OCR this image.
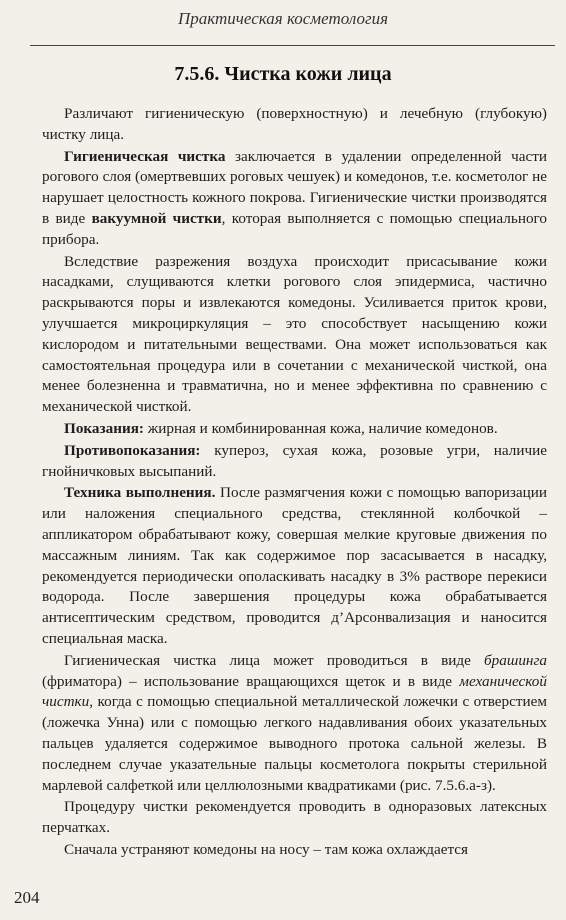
Практическая косметология
7.5.6. Чистка кожи лица

Различают гигиеническую (поверхностную) и лечебную (глубокую) чистку лица.

Гигиеническая чистка заключается в удалении определенной части рогового слоя (омертвевших роговых чешуек) и комедонов, т.е. косметолог не нарушает целостность кожного покрова. Гигиенические чистки производятся в виде вакуумной чистки, которая выполняется с помощью специального прибора.

Вследствие разрежения воздуха происходит присасывание кожи насадками, слущиваются клетки рогового слоя эпидермиса, частично раскрываются поры и извлекаются комедоны. Усиливается приток крови, улучшается микроциркуляция – это способствует насыщению кожи кислородом и питательными веществами. Она может использоваться как самостоятельная процедура или в сочетании с механической чисткой, она менее болезненна и травматична, но и менее эффективна по сравнению с механической чисткой.

Показания: жирная и комбинированная кожа, наличие комедонов.

Противопоказания: купероз, сухая кожа, розовые угри, наличие гнойничковых высыпаний.

Техника выполнения. После размягчения кожи с помощью вапоризации или наложения специального средства, стеклянной колбочкой – аппликатором обрабатывают кожу, совершая мелкие круговые движения по массажным линиям. Так как содержимое пор засасывается в насадку, рекомендуется периодически ополаскивать насадку в 3% растворе перекиси водорода. После завершения процедуры кожа обрабатывается антисептическим средством, проводится д’Арсонвализация и наносится специальная маска.

Гигиеническая чистка лица может проводиться в виде брашинга (фриматора) – использование вращающихся щеток и в виде механической чистки, когда с помощью специальной металлической ложечки с отверстием (ложечка Унна) или с помощью легкого надавливания обоих указательных пальцев удаляется содержимое выводного протока сальной железы. В последнем случае указательные пальцы косметолога покрыты стерильной марлевой салфеткой или целлюлозными квадратиками (рис. 7.5.6.а-з).

Процедуру чистки рекомендуется проводить в одноразовых латексных перчатках.

Сначала устраняют комедоны на носу – там кожа охлаждается

204
